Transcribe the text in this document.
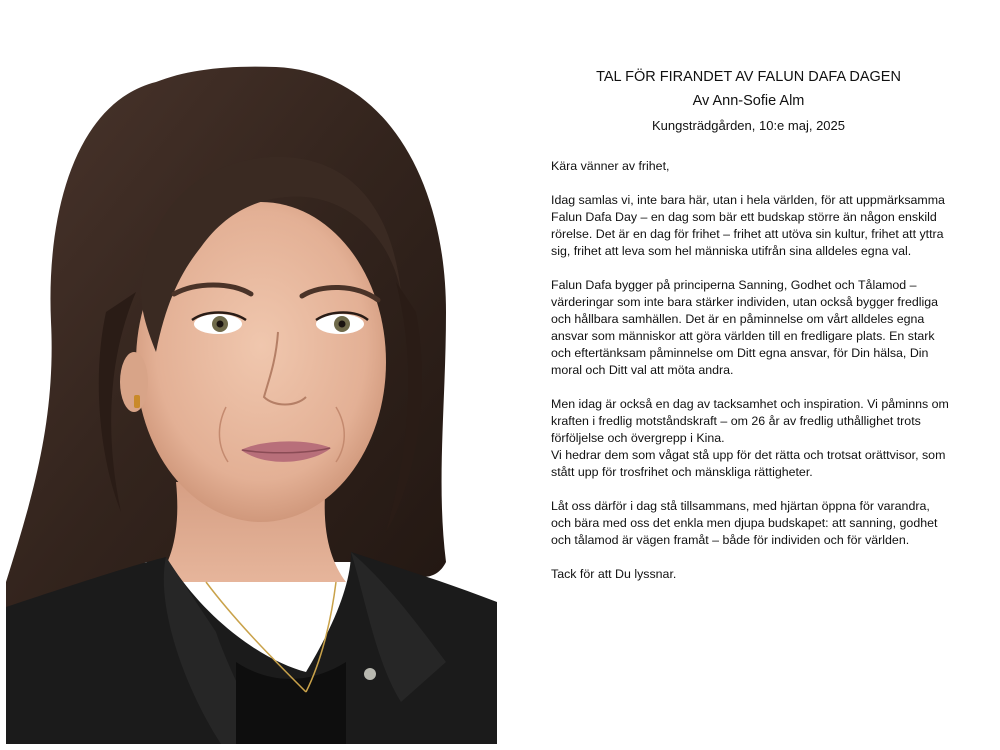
TAL FÖR FIRANDET AV FALUN DAFA DAGEN
Av Ann-Sofie Alm
Kungsträdgården, 10:e maj, 2025

Kära vänner av frihet,

Idag samlas vi, inte bara här, utan i hela världen, för att uppmärksamma
Falun Dafa Day – en dag som bär ett budskap större än någon enskild
rörelse. Det är en dag för frihet – frihet att utöva sin kultur, frihet att yttra
sig, frihet att leva som hel människa utifrån sina alldeles egna val.

Falun Dafa bygger på principerna Sanning, Godhet och Tålamod –
värderingar som inte bara stärker individen, utan också bygger fredliga
och hållbara samhällen. Det är en påminnelse om vårt alldeles egna
ansvar som människor att göra världen till en fredligare plats. En stark
och eftertänksam påminnelse om Ditt egna ansvar, för Din hälsa, Din
moral och Ditt val att möta andra.

Men idag är också en dag av tacksamhet och inspiration. Vi påminns om
kraften i fredlig motståndskraft – om 26 år av fredlig uthållighet trots
förföljelse och övergrepp i Kina.
Vi hedrar dem som vågat stå upp för det rätta och trotsat orättvisor, som
stått upp för trosfrihet och mänskliga rättigheter.

Låt oss därför i dag stå tillsammans, med hjärtan öppna för varandra,
och bära med oss det enkla men djupa budskapet: att sanning, godhet
och tålamod är vägen framåt – både för individen och för världen.

Tack för att Du lyssnar.
